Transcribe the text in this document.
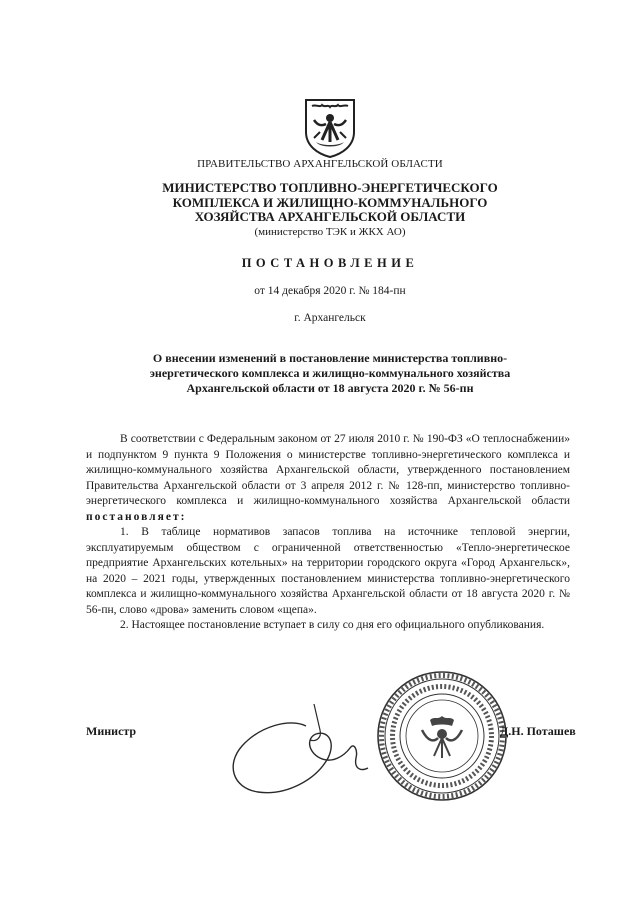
ПРАВИТЕЛЬСТВО АРХАНГЕЛЬСКОЙ ОБЛАСТИ
МИНИСТЕРСТВО ТОПЛИВНО-ЭНЕРГЕТИЧЕСКОГО
КОМПЛЕКСА И ЖИЛИЩНО-КОММУНАЛЬНОГО
ХОЗЯЙСТВА АРХАНГЕЛЬСКОЙ ОБЛАСТИ
(министерство ТЭК и ЖКХ АО)
ПОСТАНОВЛЕНИЕ
от 14 декабря 2020 г. № 184-пн
г. Архангельск
О внесении изменений в постановление министерства топливно-
энергетического комплекса и жилищно-коммунального хозяйства
Архангельской области от 18 августа 2020 г. № 56-пн

В соответствии с Федеральным законом от 27 июля 2010 г. № 190-ФЗ «О теплоснабжении» и подпунктом 9 пункта 9 Положения о министерстве топливно-энергетического комплекса и жилищно-коммунального хозяйства Архангельской области, утвержденного постановлением Правительства Архангельской области от 3 апреля 2012 г. № 128-пп, министерство топливно-энергетического комплекса и жилищно-коммунального хозяйства Архангельской области постановляет:

1. В таблице нормативов запасов топлива на источнике тепловой энергии, эксплуатируемым обществом с ограниченной ответственностью «Тепло-энергетическое предприятие Архангельских котельных» на территории городского округа «Город Архангельск», на 2020 – 2021 годы, утвержденных постановлением министерства топливно-энергетического комплекса и жилищно-коммунального хозяйства Архангельской области от 18 августа 2020 г. № 56-пн, слово «дрова» заменить словом «щепа».

2. Настоящее постановление вступает в силу со дня его официального опубликования.

Министр	Д.Н. Поташев
